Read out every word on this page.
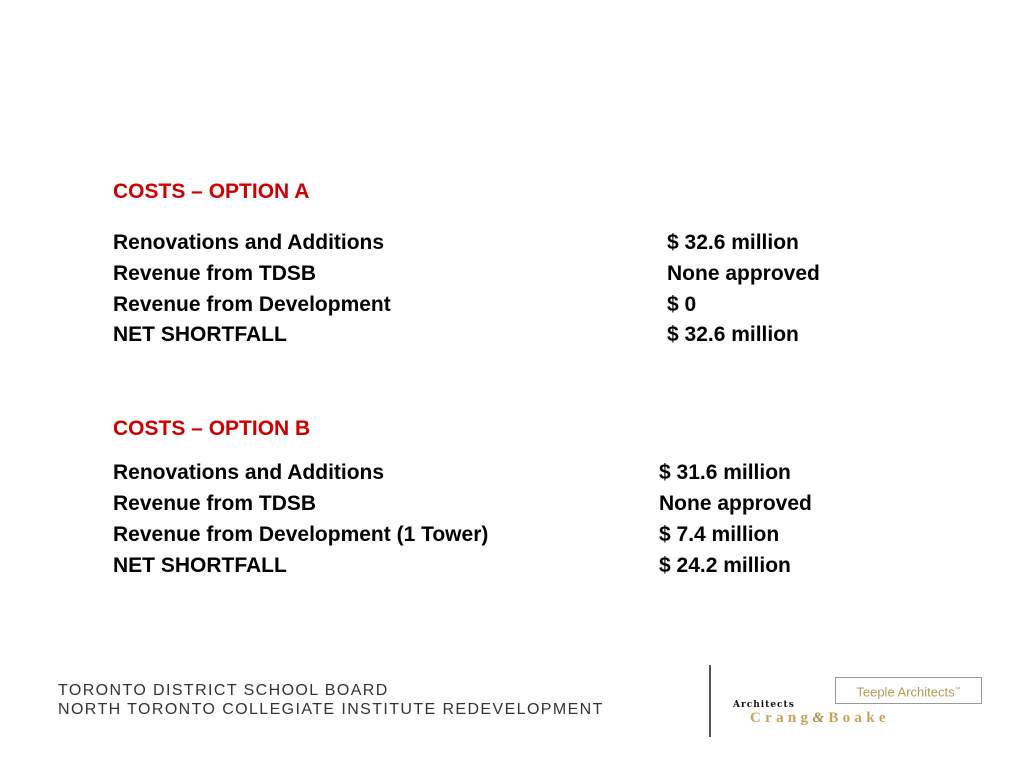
COSTS – OPTION A
Renovations and Additions	$ 32.6 million
Revenue from TDSB	None approved
Revenue from Development	$ 0
NET SHORTFALL	$ 32.6 million
COSTS – OPTION B
Renovations and Additions	$ 31.6 million
Revenue from TDSB	None approved
Revenue from Development (1 Tower)	$ 7.4 million
NET SHORTFALL	$ 24.2 million
TORONTO DISTRICT SCHOOL BOARD
NORTH TORONTO COLLEGIATE INSTITUTE REDEVELOPMENT
Teeple Architects™
Architects
Crang&Boake
